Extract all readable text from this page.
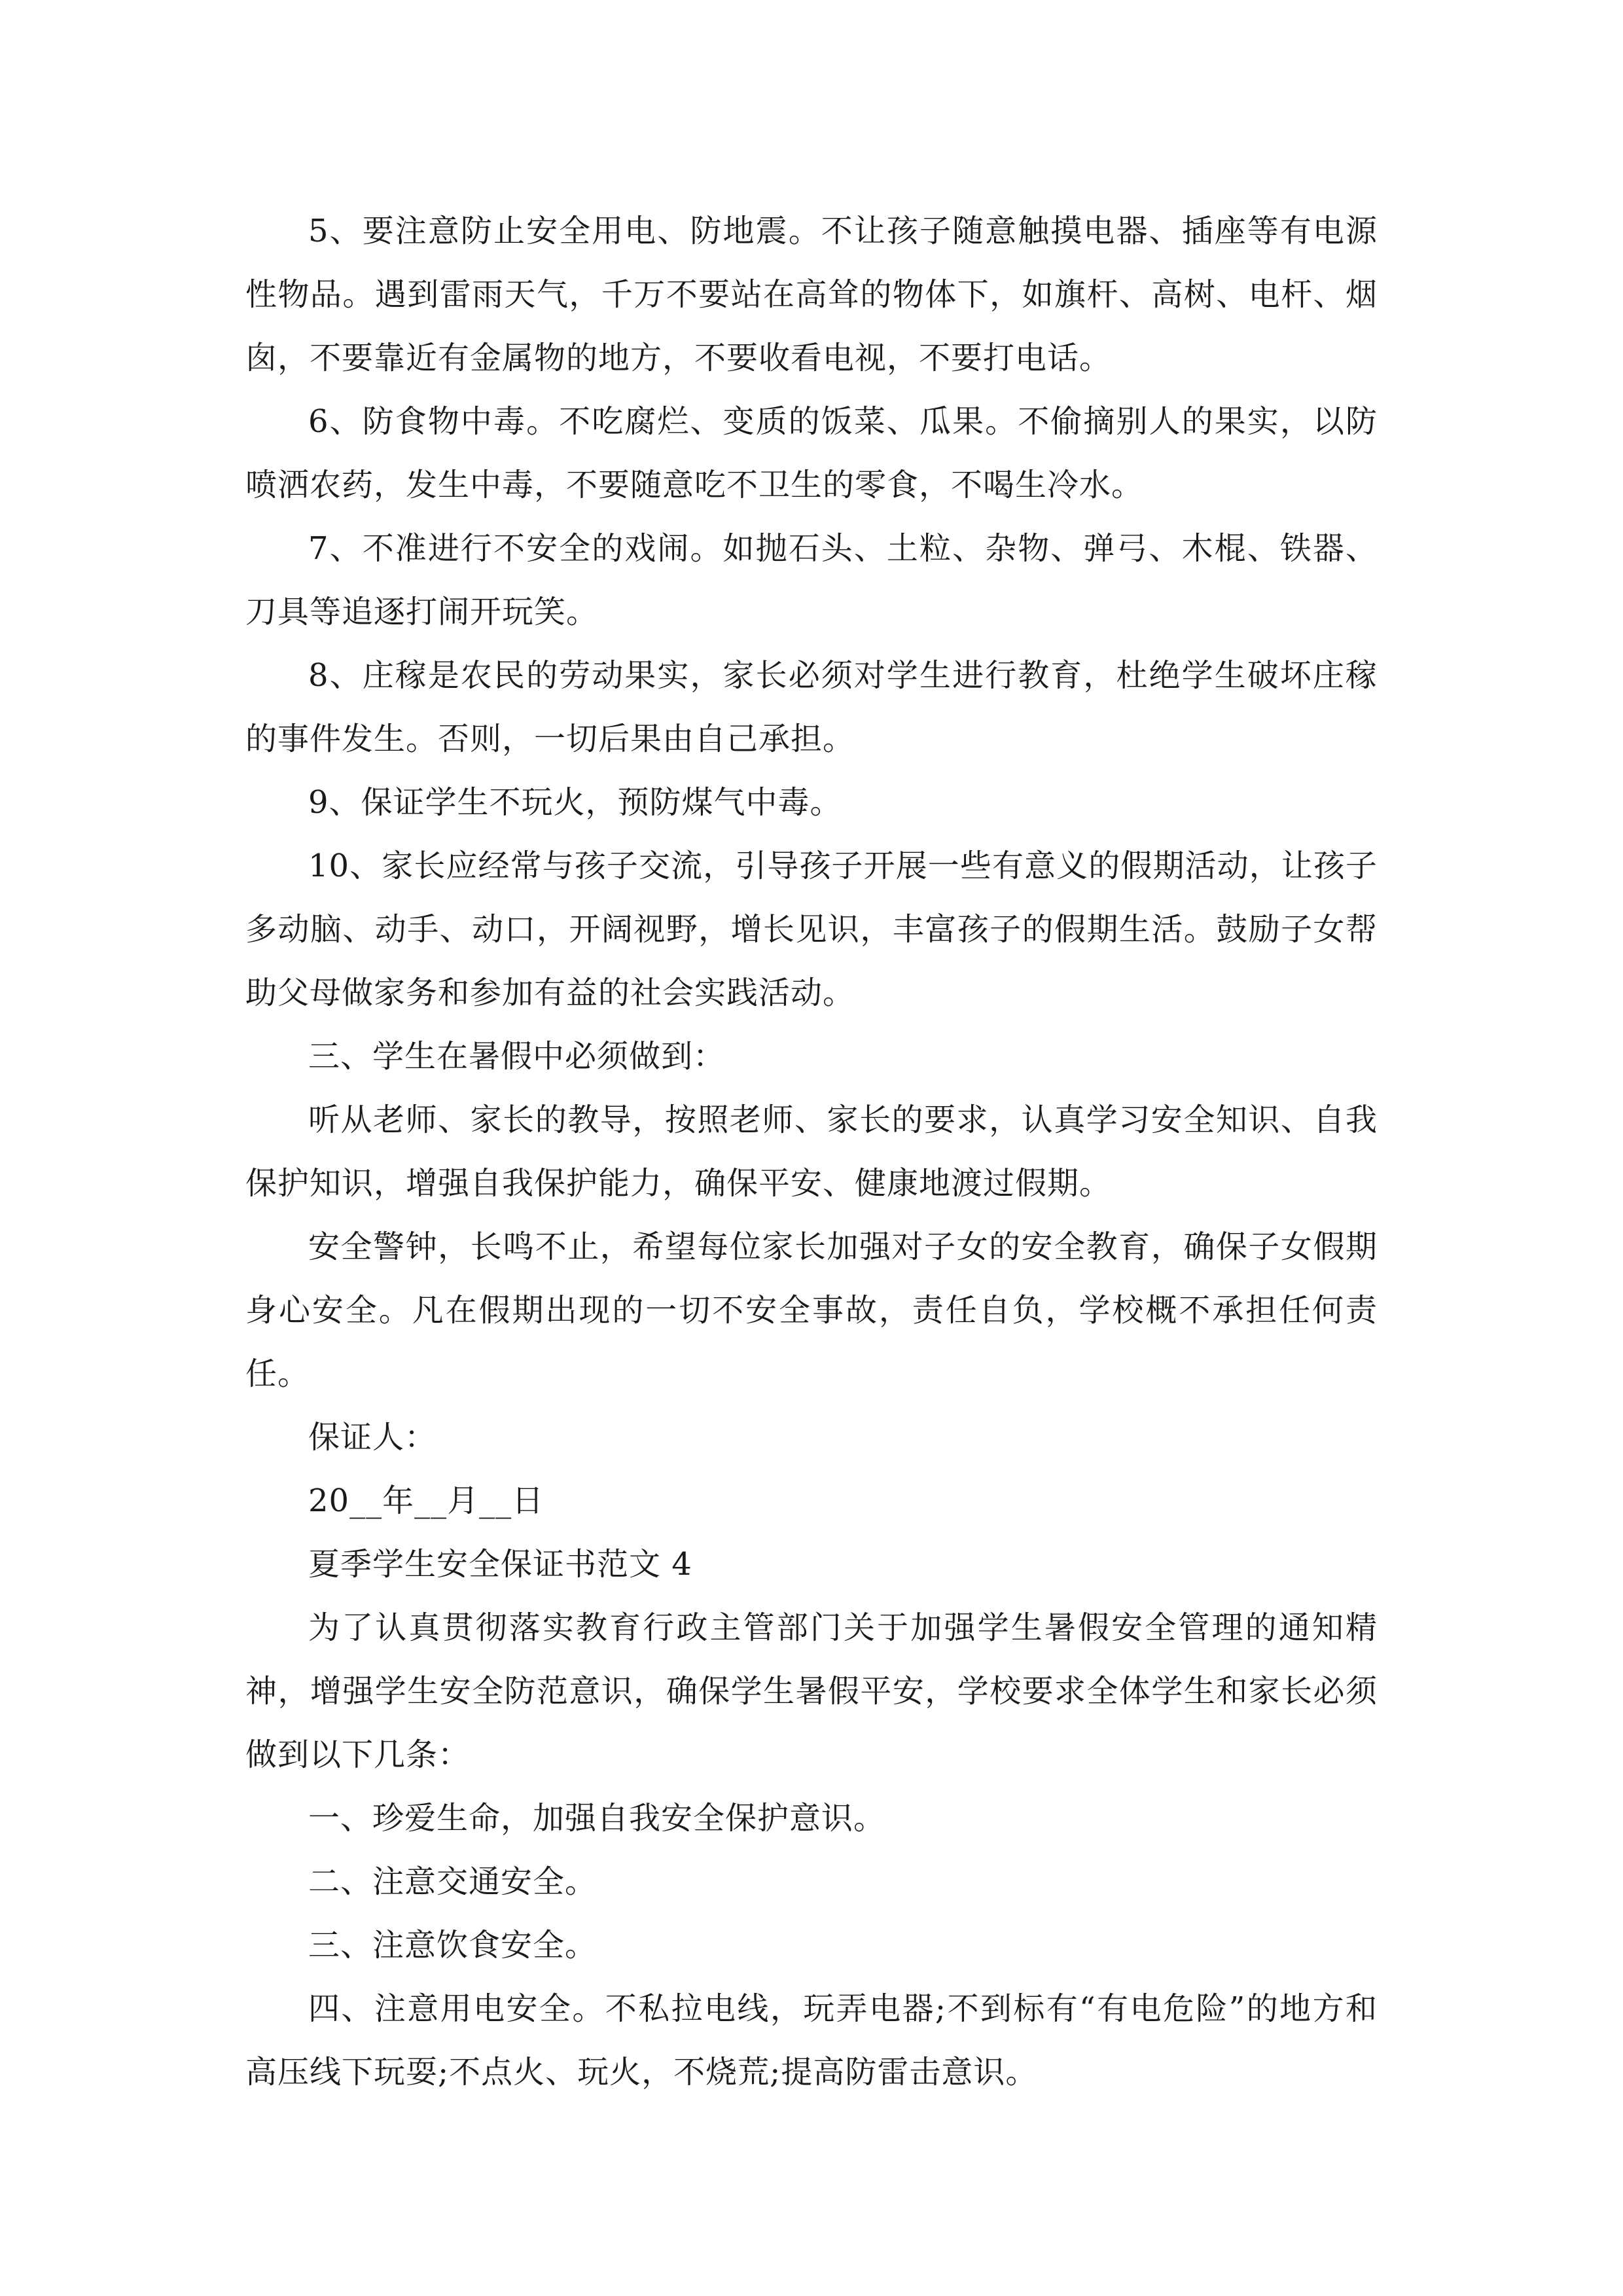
5、要注意防止安全用电、防地震。不让孩子随意触摸电器、插座等有电源性物品。遇到雷雨天气，千万不要站在高耸的物体下，如旗杆、高树、电杆、烟囱，不要靠近有金属物的地方，不要收看电视，不要打电话。

6、防食物中毒。不吃腐烂、变质的饭菜、瓜果。不偷摘别人的果实，以防喷洒农药，发生中毒，不要随意吃不卫生的零食，不喝生冷水。

7、不准进行不安全的戏闹。如抛石头、土粒、杂物、弹弓、木棍、铁器、刀具等追逐打闹开玩笑。

8、庄稼是农民的劳动果实，家长必须对学生进行教育，杜绝学生破坏庄稼的事件发生。否则，一切后果由自己承担。

9、保证学生不玩火，预防煤气中毒。

10、家长应经常与孩子交流，引导孩子开展一些有意义的假期活动，让孩子多动脑、动手、动口，开阔视野，增长见识，丰富孩子的假期生活。鼓励子女帮助父母做家务和参加有益的社会实践活动。

三、学生在暑假中必须做到：

听从老师、家长的教导，按照老师、家长的要求，认真学习安全知识、自我保护知识，增强自我保护能力，确保平安、健康地渡过假期。

安全警钟，长鸣不止，希望每位家长加强对子女的安全教育，确保子女假期身心安全。凡在假期出现的一切不安全事故，责任自负，学校概不承担任何责任。

保证人：

20__年__月__日

夏季学生安全保证书范文 4

为了认真贯彻落实教育行政主管部门关于加强学生暑假安全管理的通知精神，增强学生安全防范意识，确保学生暑假平安，学校要求全体学生和家长必须做到以下几条：

一、珍爱生命，加强自我安全保护意识。

二、注意交通安全。

三、注意饮食安全。

四、注意用电安全。不私拉电线，玩弄电器;不到标有“有电危险”的地方和高压线下玩耍;不点火、玩火，不烧荒;提高防雷击意识。
